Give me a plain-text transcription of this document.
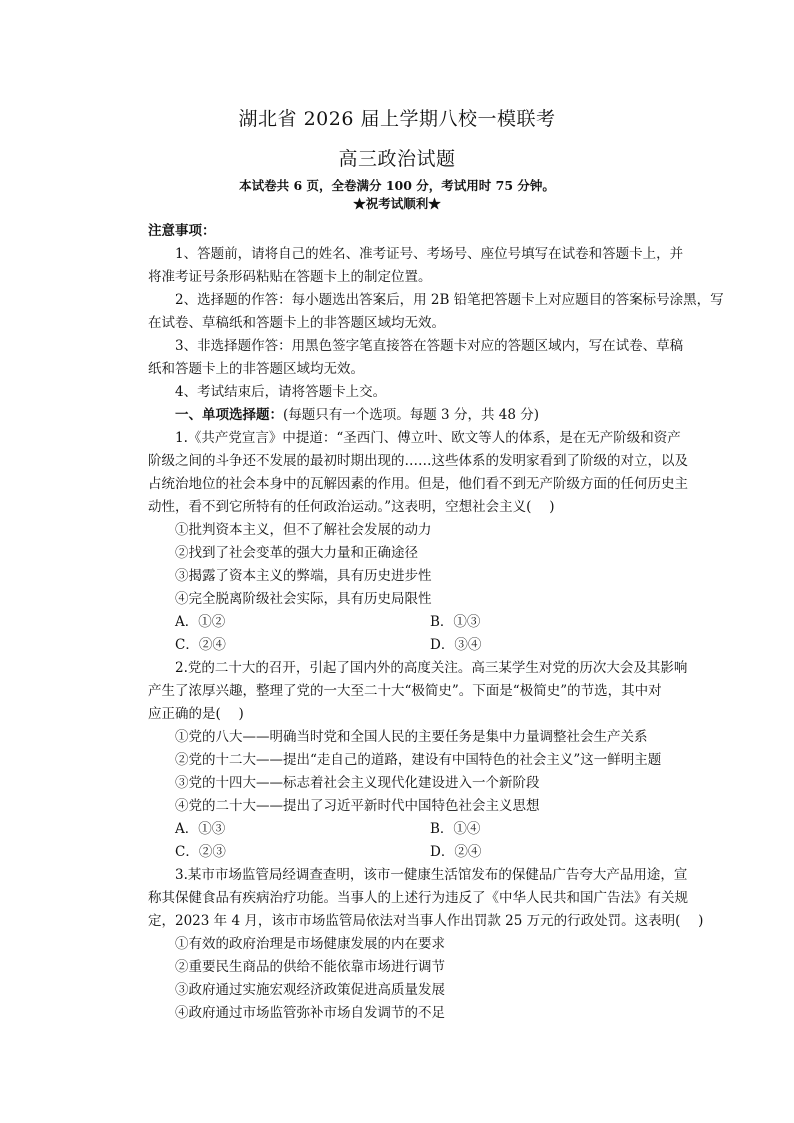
湖北省 2026 届上学期八校一模联考
高三政治试题
本试卷共 6 页，全卷满分 100 分，考试用时 75 分钟。
★祝考试顺利★
注意事项：
1、答题前，请将自己的姓名、准考证号、考场号、座位号填写在试卷和答题卡上，并
将准考证号条形码粘贴在答题卡上的制定位置。
2、选择题的作答：每小题选出答案后，用 2B 铅笔把答题卡上对应题目的答案标号涂黑，写
在试卷、草稿纸和答题卡上的非答题区域均无效。
3、非选择题作答：用黑色签字笔直接答在答题卡对应的答题区域内，写在试卷、草稿
纸和答题卡上的非答题区域均无效。
4、考试结束后，请将答题卡上交。
一、单项选择题：(每题只有一个选项。每题 3 分，共 48 分)
1.《共产党宣言》中提道：“圣西门、傅立叶、欧文等人的体系，是在无产阶级和资产
阶级之间的斗争还不发展的最初时期出现的……这些体系的发明家看到了阶级的对立，以及
占统治地位的社会本身中的瓦解因素的作用。但是，他们看不到无产阶级方面的任何历史主
动性，看不到它所特有的任何政治运动。”这表明，空想社会主义(　 )
①批判资本主义，但不了解社会发展的动力
②找到了社会变革的强大力量和正确途径
③揭露了资本主义的弊端，具有历史进步性
④完全脱离阶级社会实际，具有历史局限性
A．①②	B．①③
C．②④	D．③④
2.党的二十大的召开，引起了国内外的高度关注。高三某学生对党的历次大会及其影响
产生了浓厚兴趣，整理了党的一大至二十大“极简史”。下面是“极简史”的节选，其中对
应正确的是(　 )
①党的八大——明确当时党和全国人民的主要任务是集中力量调整社会生产关系
②党的十二大——提出“走自己的道路，建设有中国特色的社会主义”这一鲜明主题
③党的十四大——标志着社会主义现代化建设进入一个新阶段
④党的二十大——提出了习近平新时代中国特色社会主义思想
A．①③	B．①④
C．②③	D．②④
3.某市市场监管局经调查查明，该市一健康生活馆发布的保健品广告夸大产品用途，宣
称其保健食品有疾病治疗功能。当事人的上述行为违反了《中华人民共和国广告法》有关规
定，2023 年 4 月，该市市场监管局依法对当事人作出罚款 25 万元的行政处罚。这表明(　 )
①有效的政府治理是市场健康发展的内在要求
②重要民生商品的供给不能依靠市场进行调节
③政府通过实施宏观经济政策促进高质量发展
④政府通过市场监管弥补市场自发调节的不足
